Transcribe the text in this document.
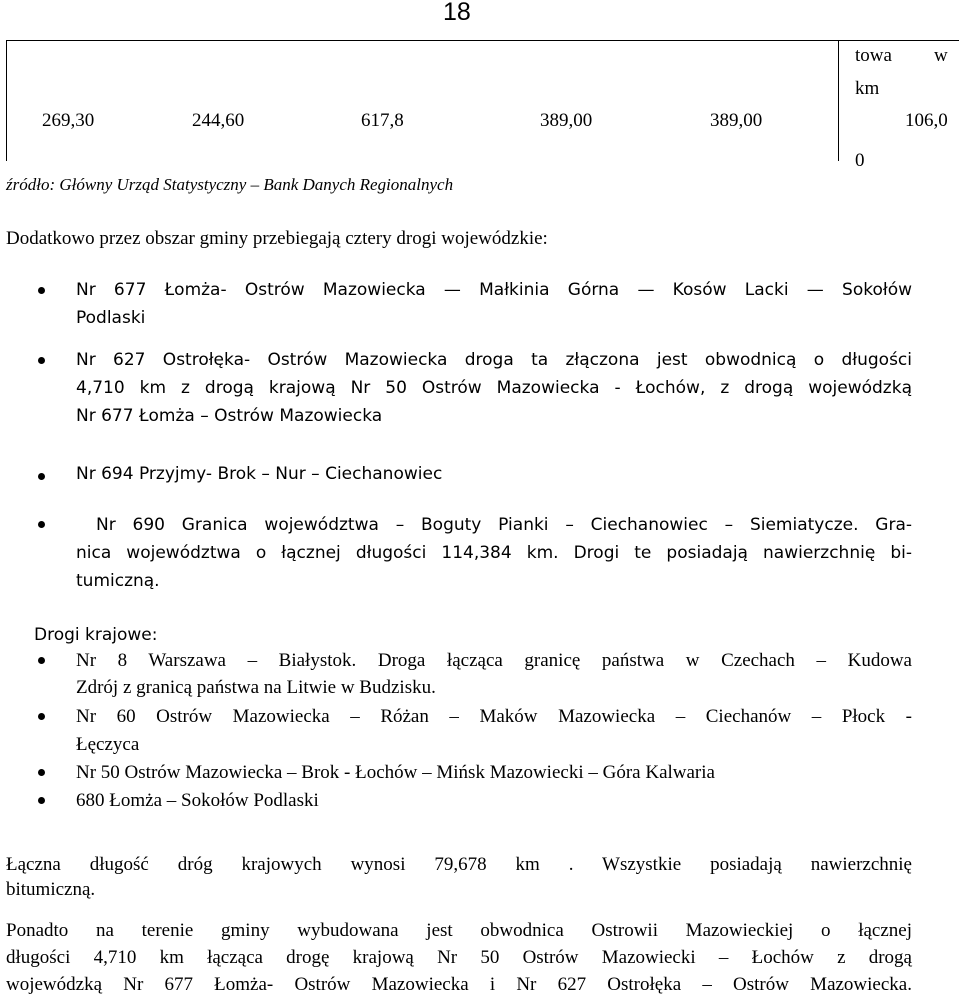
18
towa w
km
269,30	244,60	617,8	389,00	389,00	106,0
0
źródło: Główny Urząd Statystyczny – Bank Danych Regionalnych
Dodatkowo przez obszar gminy przebiegają cztery drogi wojewódzkie:
Nr 677 Łomża- Ostrów Mazowiecka — Małkinia Górna — Kosów Lacki — Sokołów
Podlaski
Nr 627 Ostrołęka- Ostrów Mazowiecka droga ta złączona jest obwodnicą o długości
4,710 km z drogą krajową Nr 50 Ostrów Mazowiecka - Łochów, z drogą wojewódzką
Nr 677 Łomża – Ostrów Mazowiecka
Nr 694 Przyjmy- Brok – Nur – Ciechanowiec
Nr 690 Granica województwa – Boguty Pianki – Ciechanowiec – Siemiatycze. Gra-
nica województwa o łącznej długości 114,384 km. Drogi te posiadają nawierzchnię bi-
tumiczną.
Drogi krajowe:
Nr 8 Warszawa – Białystok. Droga łącząca granicę państwa w Czechach – Kudowa
Zdrój z granicą państwa na Litwie w Budzisku.
Nr 60 Ostrów Mazowiecka – Różan – Maków Mazowiecka – Ciechanów – Płock -
Łęczyca
Nr 50 Ostrów Mazowiecka – Brok - Łochów – Mińsk Mazowiecki – Góra Kalwaria
680 Łomża – Sokołów Podlaski
Łączna długość dróg krajowych wynosi 79,678 km . Wszystkie posiadają nawierzchnię
bitumiczną.
Ponadto na terenie gminy wybudowana jest obwodnica Ostrowii Mazowieckiej o łącznej
długości 4,710 km łącząca drogę krajową Nr 50 Ostrów Mazowiecki – Łochów z drogą
wojewódzką Nr 677 Łomża- Ostrów Mazowiecka i Nr 627 Ostrołęka – Ostrów Mazowiecka.
